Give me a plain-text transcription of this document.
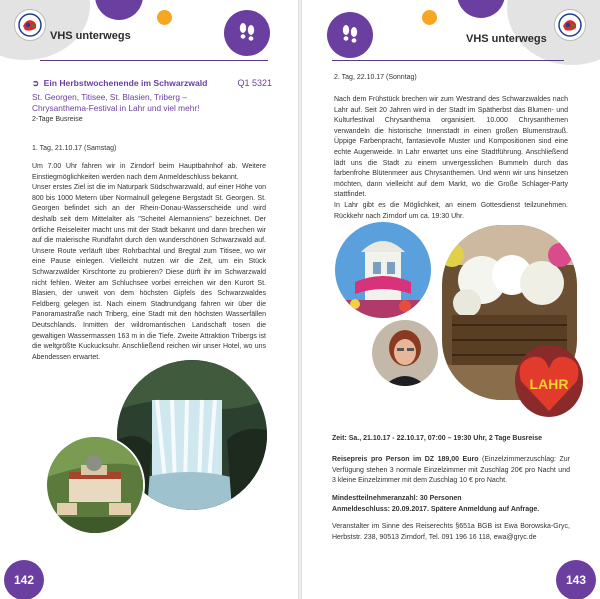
VHS unterwegs
➲ Ein Herbstwochenende im Schwarzwald	Q1 5321
St. Georgen, Titisee, St. Blasien, Triberg –
Chrysanthema-Festival in Lahr und viel mehr!
2-Tage Busreise
1. Tag, 21.10.17 (Samstag)
Um 7.00 Uhr fahren wir in Zirndorf beim Hauptbahnhof ab. Weitere Einstiegmöglichkeiten werden nach dem Anmeldeschluss bekannt.
Unser erstes Ziel ist die im Naturpark Südschwarzwald, auf einer Höhe von 800 bis 1000 Metern über Normalnull gelegene Bergstadt St. Georgen. St. Georgen befindet sich an der Rhein-Donau-Wasserscheide und wird deshalb seit dem Mittelalter als "Scheitel Alemanniens" bezeichnet. Der örtliche Reiseleiter macht uns mit der Stadt bekannt und dann brechen wir auf die malerische Rundfahrt durch den wunderschönen Schwarzwald auf. Unsere Route verläuft über Rohrbachtal und Bregtal zum Titisee, wo wir eine Pause einlegen. Vielleicht nutzen wir die Zeit, um ein Stück Schwarzwälder Kirschtorte zu probieren? Diese dürft ihr im Schwarzwald nicht fehlen. Weiter am Schluchsee vorbei erreichen wir den Kurort St. Blasien, der unweit von dem höchsten Gipfels des Schwarzwaldes Feldberg gelegen ist. Nach einem Stadtrundgang fahren wir über die Panoramastraße nach Triberg, eine Stadt mit den höchsten Wasserfällen Deutschlands. Inmitten der wildromantischen Landschaft tosen die gewaltigen Wassermassen 163 m in die Tiefe. Zweite Attraktion Tribergs ist die weltgrößte Kuckucksuhr. Anschließend reichen wir unser Hotel, wo uns Abendessen erwartet.
142
VHS unterwegs
2. Tag, 22.10.17 (Sonntag)
Nach dem Frühstück brechen wir zum Westrand des Schwarzwaldes nach Lahr auf. Seit 20 Jahren wird in der Stadt im Spätherbst das Blumen- und Kulturfestival Chrysanthema organisiert. 10.000 Chrysanthemen verwandeln die historische Innenstadt in einen großen Blumenstrauß. Üppige Farbenpracht, fantasievolle Muster und Kompositionen sind eine echte Augenweide. In Lahr erwartet uns eine Stadtführung. Anschließend lädt uns die Stadt zu einem unvergesslichen Bummeln durch das farbenfrohe Blütenmeer aus Chrysanthemen. Und wenn wir uns hinsetzen möchten, dann vielleicht auf dem Markt, wo die Große Schlager-Party stattfindet.
In Lahr gibt es die Möglichkeit, an einem Gottesdienst teilzunehmen. Rückkehr nach Zirndorf um ca. 19:30 Uhr.
LAHR
Zeit: Sa., 21.10.17 - 22.10.17, 07:00 – 19:30 Uhr, 2 Tage Busreise
Reisepreis pro Person im DZ 189,00 Euro (Einzelzimmerzuschlag: Zur Verfügung stehen 3 normale Einzelzimmer mit Zuschlag 20€ pro Nacht und 3 kleine Einzelzimmer mit dem Zuschlag 10 € pro Nacht.
Mindestteilnehmeranzahl: 30 Personen
Anmeldeschluss: 20.09.2017. Spätere Anmeldung auf Anfrage.
Veranstalter im Sinne des Reiserechts §651a BGB ist Ewa Borowska-Gryc, Herbststr. 238, 90513 Zirndorf, Tel. 091 196 16 118, ewa@gryc.de
143
